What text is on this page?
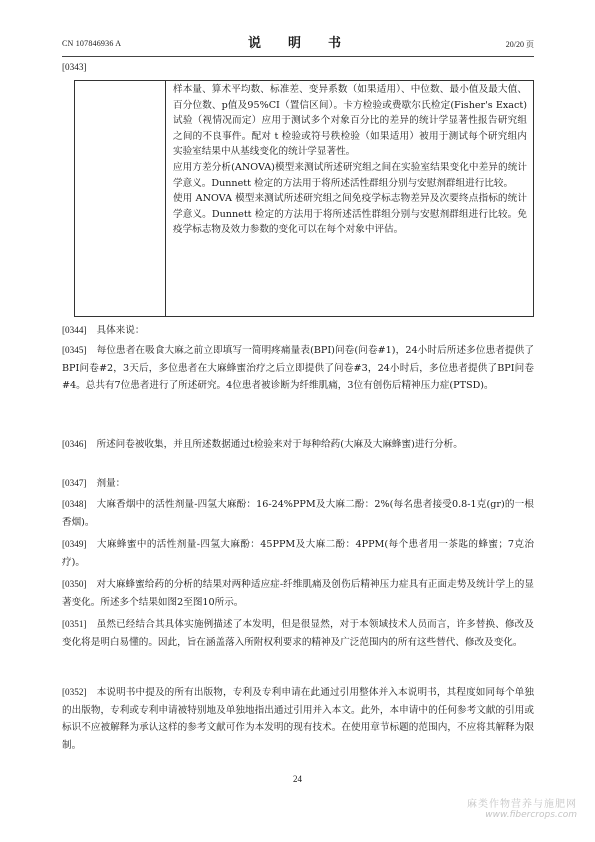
CN 107846936 A	说　明　书	20/20 页
[0343]

样本量、算术平均数、标准差、变异系数（如果适用）、中位数、最小值及最大值、百分位数、p值及95%CI（置信区间）。卡方检验或费歇尔氏检定(Fisher's Exact)试验（视情况而定）应用于测试多个对象百分比的差异的统计学显著性报告研究组之间的不良事件。配对 t 检验或符号秩检验（如果适用）被用于测试每个研究组内实验室结果中从基线变化的统计学显著性。

应用方差分析(ANOVA)模型来测试所述研究组之间在实验室结果变化中差异的统计学意义。Dunnett 检定的方法用于将所述活性群组分别与安慰剂群组进行比较。

使用 ANOVA 模型来测试所述研究组之间免疫学标志物差异及次要终点指标的统计学意义。Dunnett 检定的方法用于将所述活性群组分别与安慰剂群组进行比较。免疫学标志物及效力参数的变化可以在每个对象中评估。

[0344] 具体来说：
[0345] 每位患者在吸食大麻之前立即填写一简明疼痛量表(BPI)问卷(问卷#1)，24小时后所述多位患者提供了BPI问卷#2，3天后，多位患者在大麻蜂蜜治疗之后立即提供了问卷#3，24小时后，多位患者提供了BPI问卷#4。总共有7位患者进行了所述研究。4位患者被诊断为纤维肌痛，3位有创伤后精神压力症(PTSD)。
[0346] 所述问卷被收集，并且所述数据通过t检验来对于每种给药(大麻及大麻蜂蜜)进行分析。
[0347] 剂量：
[0348] 大麻香烟中的活性剂量-四氢大麻酚：16-24%PPM及大麻二酚：2%(每名患者接受0.8-1克(gr)的一根香烟)。
[0349] 大麻蜂蜜中的活性剂量-四氢大麻酚：45PPM及大麻二酚：4PPM(每个患者用一茶匙的蜂蜜；7克治疗)。
[0350] 对大麻蜂蜜给药的分析的结果对两种适应症-纤维肌痛及创伤后精神压力症具有正面走势及统计学上的显著变化。所述多个结果如图2至图10所示。
[0351] 虽然已经结合其具体实施例描述了本发明，但是很显然，对于本领域技术人员而言，许多替换、修改及变化将是明白易懂的。因此，旨在涵盖落入所附权利要求的精神及广泛范围内的所有这些替代、修改及变化。
[0352] 本说明书中提及的所有出版物，专利及专利申请在此通过引用整体并入本说明书，其程度如同每个单独的出版物，专利或专利申请被特别地及单独地指出通过引用并入本文。此外，本申请中的任何参考文献的引用或标识不应被解释为承认这样的参考文献可作为本发明的现有技术。在使用章节标题的范围内，不应将其解释为限制。
24
麻类作物营养与施肥网
www.fibercrops.com
